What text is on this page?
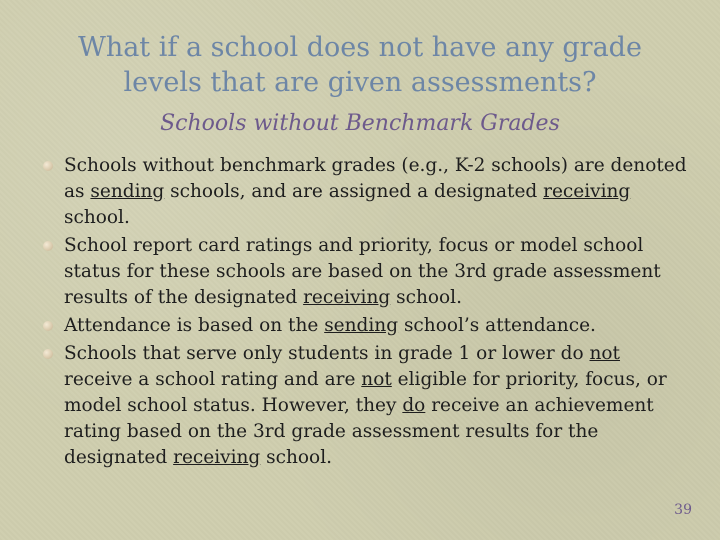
What if a school does not have any grade levels that are given assessments?
Schools without Benchmark Grades
Schools without benchmark grades (e.g., K-2 schools) are denoted as sending schools, and are assigned a designated receiving school.
School report card ratings and priority, focus or model school status for these schools are based on the 3rd grade assessment results of the designated receiving school.
Attendance is based on the sending school’s attendance.
Schools that serve only students in grade 1 or lower do not receive a school rating and are not eligible for priority, focus, or model school status. However, they do receive an achievement rating based on the 3rd grade assessment results for the designated receiving school.
39
